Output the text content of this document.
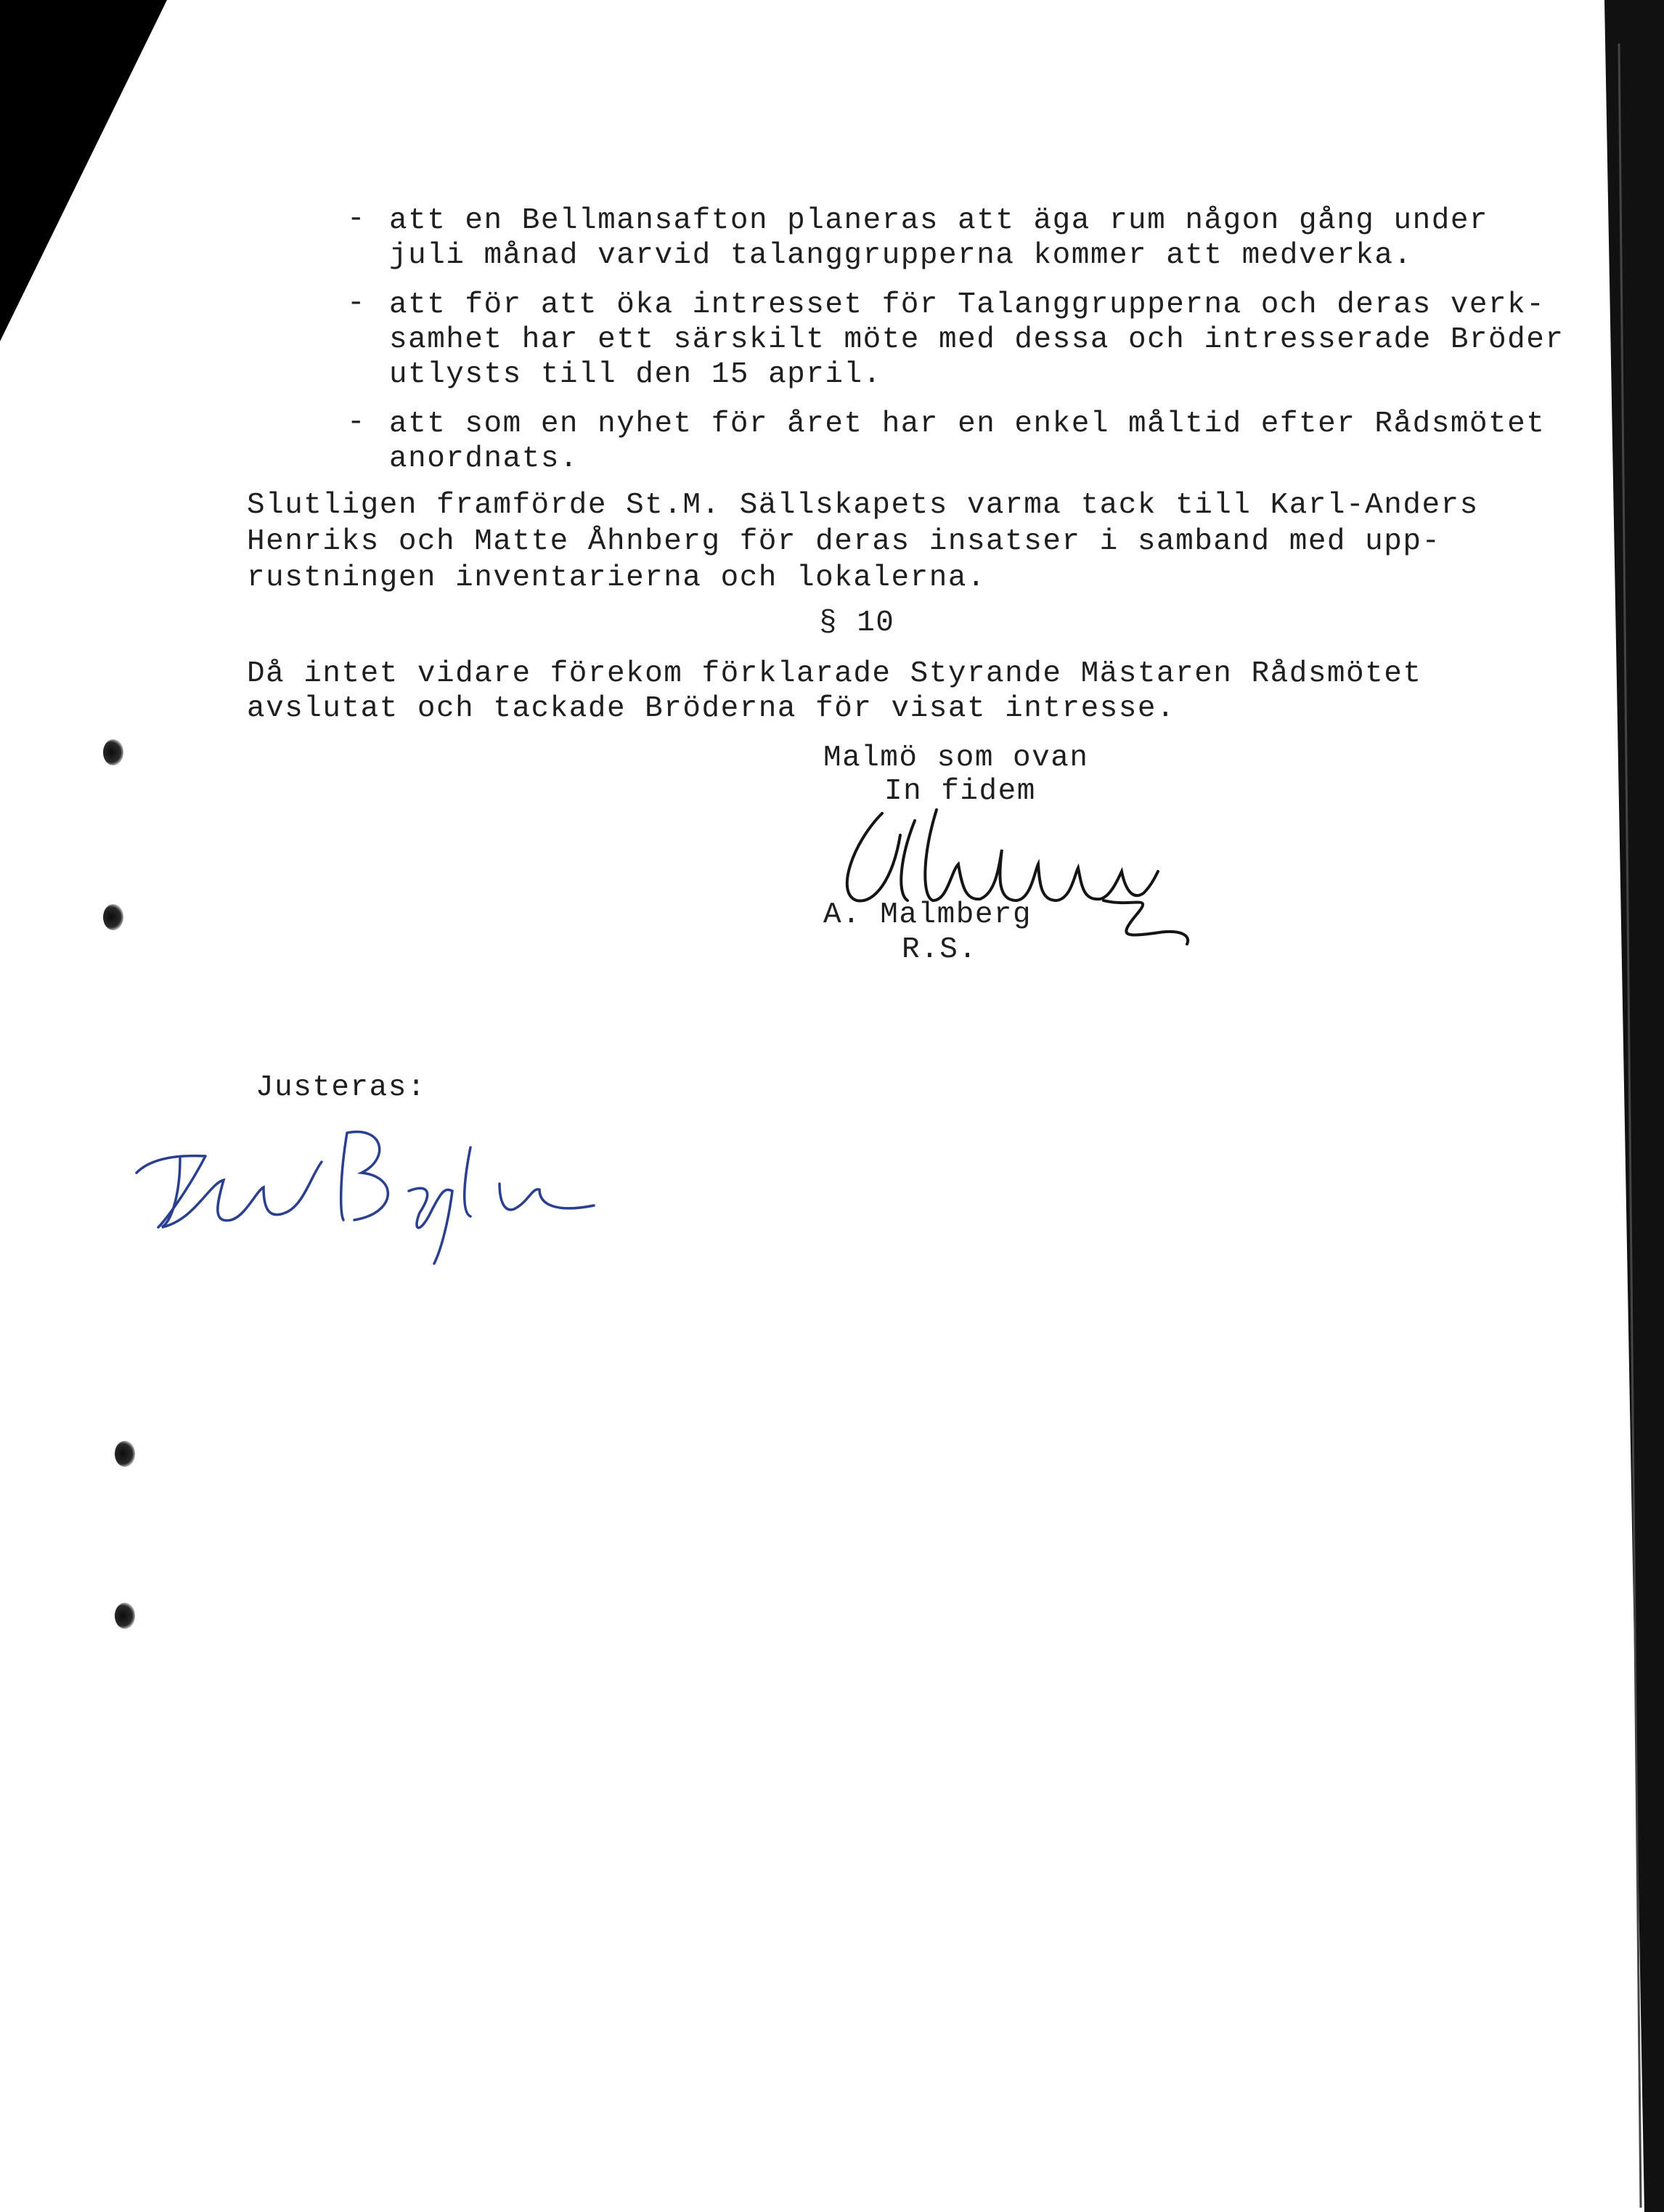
- att en Bellmansafton planeras att äga rum någon gång under
juli månad varvid talanggrupperna kommer att medverka.
- att för att öka intresset för Talanggrupperna och deras verk-
samhet har ett särskilt möte med dessa och intresserade Bröder
utlysts till den 15 april.
- att som en nyhet för året har en enkel måltid efter Rådsmötet
anordnats.
Slutligen framförde St.M. Sällskapets varma tack till Karl-Anders
Henriks och Matte Åhnberg för deras insatser i samband med upp-
rustningen inventarierna och lokalerna.
§ 10
Då intet vidare förekom förklarade Styrande Mästaren Rådsmötet
avslutat och tackade Bröderna för visat intresse.
Malmö som ovan
In fidem
A. Malmberg
R.S.
Justeras:
